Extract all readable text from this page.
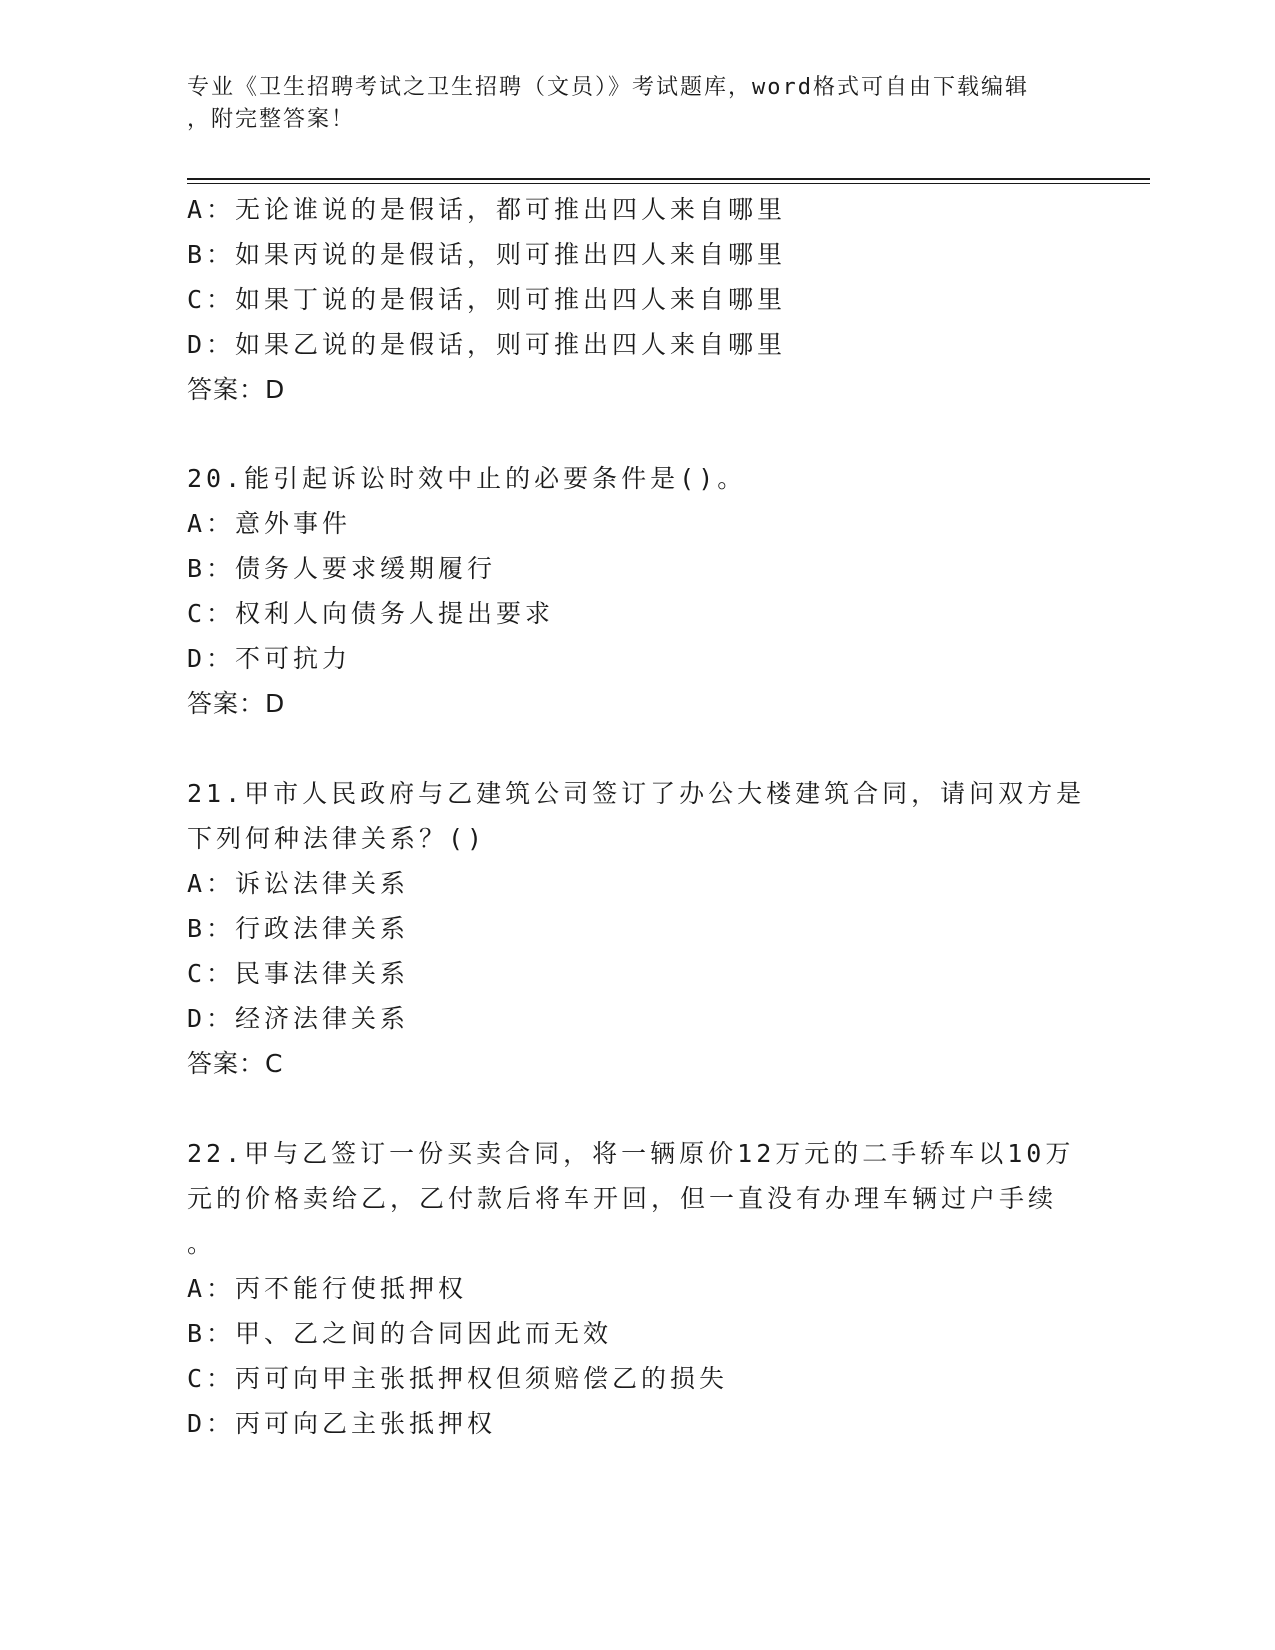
专业《卫生招聘考试之卫生招聘（文员）》考试题库，word格式可自由下载编辑
，附完整答案！
A：无论谁说的是假话，都可推出四人来自哪里
B：如果丙说的是假话，则可推出四人来自哪里
C：如果丁说的是假话，则可推出四人来自哪里
D：如果乙说的是假话，则可推出四人来自哪里
答案：D
20.能引起诉讼时效中止的必要条件是()。
A：意外事件
B：债务人要求缓期履行
C：权利人向债务人提出要求
D：不可抗力
答案：D
21.甲市人民政府与乙建筑公司签订了办公大楼建筑合同，请问双方是
下列何种法律关系？()
A：诉讼法律关系
B：行政法律关系
C：民事法律关系
D：经济法律关系
答案：C
22.甲与乙签订一份买卖合同，将一辆原价12万元的二手轿车以10万
元的价格卖给乙，乙付款后将车开回，但一直没有办理车辆过户手续
。
A：丙不能行使抵押权
B：甲、乙之间的合同因此而无效
C：丙可向甲主张抵押权但须赔偿乙的损失
D：丙可向乙主张抵押权
